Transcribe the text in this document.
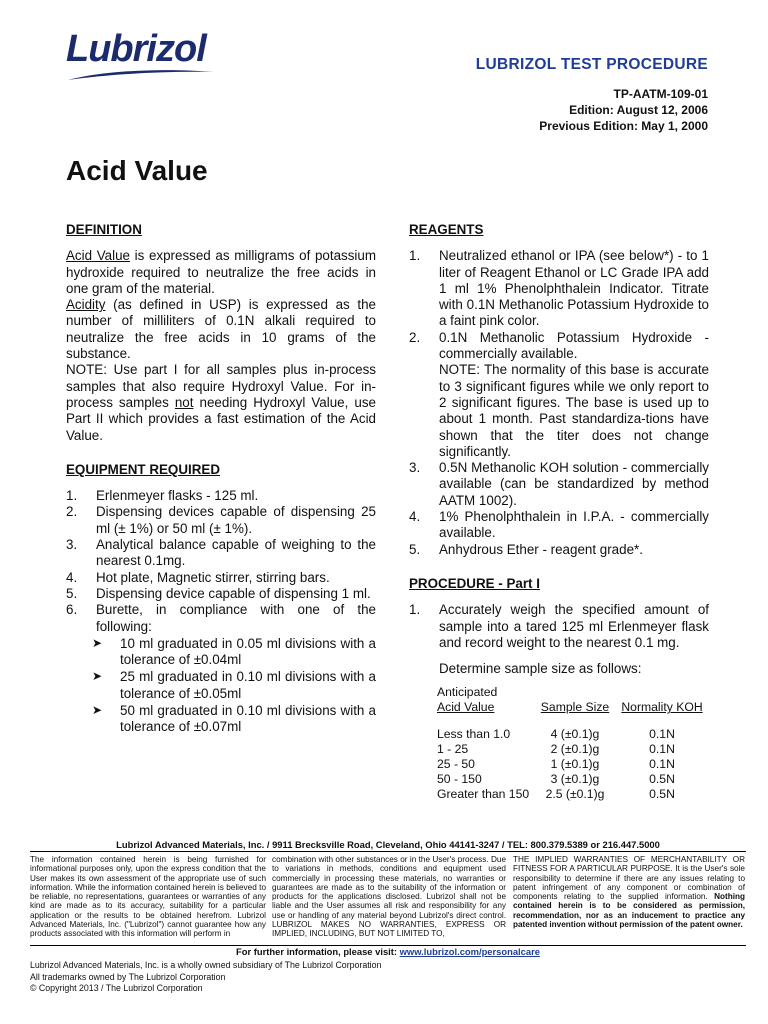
Lubrizol	LUBRIZOL TEST PROCEDURE
TP-AATM-109-01
Edition: August 12, 2006
Previous Edition: May 1, 2000
Acid Value
DEFINITION

Acid Value is expressed as milligrams of potassium hydroxide required to neutralize the free acids in one gram of the material.

Acidity (as defined in USP) is expressed as the number of milliliters of 0.1N alkali required to neutralize the free acids in 10 grams of the substance.

NOTE: Use part I for all samples plus in-process samples that also require Hydroxyl Value. For in-process samples not needing Hydroxyl Value, use Part II which provides a fast estimation of the Acid Value.

EQUIPMENT REQUIRED
1. Erlenmeyer flasks - 125 ml.
2. Dispensing devices capable of dispensing 25 ml (± 1%) or 50 ml (± 1%).
3. Analytical balance capable of weighing to the nearest 0.1mg.
4. Hot plate, Magnetic stirrer, stirring bars.
5. Dispensing device capable of dispensing 1 ml.
6. Burette, in compliance with one of the following:
➤ 10 ml graduated in 0.05 ml divisions with a tolerance of ±0.04ml
➤ 25 ml graduated in 0.10 ml divisions with a tolerance of ±0.05ml
➤ 50 ml graduated in 0.10 ml divisions with a tolerance of ±0.07ml
REAGENTS
1. Neutralized ethanol or IPA (see below*) - to 1 liter of Reagent Ethanol or LC Grade IPA add 1 ml 1% Phenolphthalein Indicator. Titrate with 0.1N Methanolic Potassium Hydroxide to a faint pink color.
2. 0.1N Methanolic Potassium Hydroxide - commercially available.
NOTE: The normality of this base is accurate to 3 significant figures while we only report to 2 significant figures. The base is used up to about 1 month. Past standardiza-tions have shown that the titer does not change significantly.
3. 0.5N Methanolic KOH solution - commercially available (can be standardized by method AATM 1002).
4. 1% Phenolphthalein in I.P.A. - commercially available.
5. Anhydrous Ether - reagent grade*.
PROCEDURE - Part I
1. Accurately weigh the specified amount of sample into a tared 125 ml Erlenmeyer flask and record weight to the nearest 0.1 mg.

Determine sample size as follows:

Anticipated		
Acid Value	Sample Size	Normality KOH

Less than 1.0	4 (±0.1)g	0.1N
1 - 25	2 (±0.1)g	0.1N
25 - 50	1 (±0.1)g	0.1N
50 - 150	3 (±0.1)g	0.5N
Greater than 150	2.5 (±0.1)g	0.5N
Lubrizol Advanced Materials, Inc. / 9911 Brecksville Road, Cleveland, Ohio 44141-3247 / TEL: 800.379.5389 or 216.447.5000
The information contained herein is being furnished for informational purposes only, upon the express condition that the User makes its own assessment of the appropriate use of such information. While the information contained herein is believed to be reliable, no representations, guarantees or warranties of any kind are made as to its accuracy, suitability for a particular application or the results to be obtained herefrom. Lubrizol Advanced Materials, Inc. ("Lubrizol") cannot guarantee how any products associated with this information will perform in
combination with other substances or in the User's process. Due to variations in methods, conditions and equipment used commercially in processing these materials, no warranties or guarantees are made as to the suitability of the information or products for the applications disclosed. Lubrizol shall not be liable and the User assumes all risk and responsibility for any use or handling of any material beyond Lubrizol's direct control. LUBRIZOL MAKES NO WARRANTIES, EXPRESS OR IMPLIED, INCLUDING, BUT NOT LIMITED TO,
THE IMPLIED WARRANTIES OF MERCHANTABILITY OR FITNESS FOR A PARTICULAR PURPOSE. It is the User's sole responsibility to determine if there are any issues relating to patent infringement of any component or combination of components relating to the supplied information. Nothing contained herein is to be considered as permission, recommendation, nor as an inducement to practice any patented invention without permission of the patent owner.
For further information, please visit: www.lubrizol.com/personalcare
Lubrizol Advanced Materials, Inc. is a wholly owned subsidiary of The Lubrizol Corporation
All trademarks owned by The Lubrizol Corporation
© Copyright 2013 / The Lubrizol Corporation
